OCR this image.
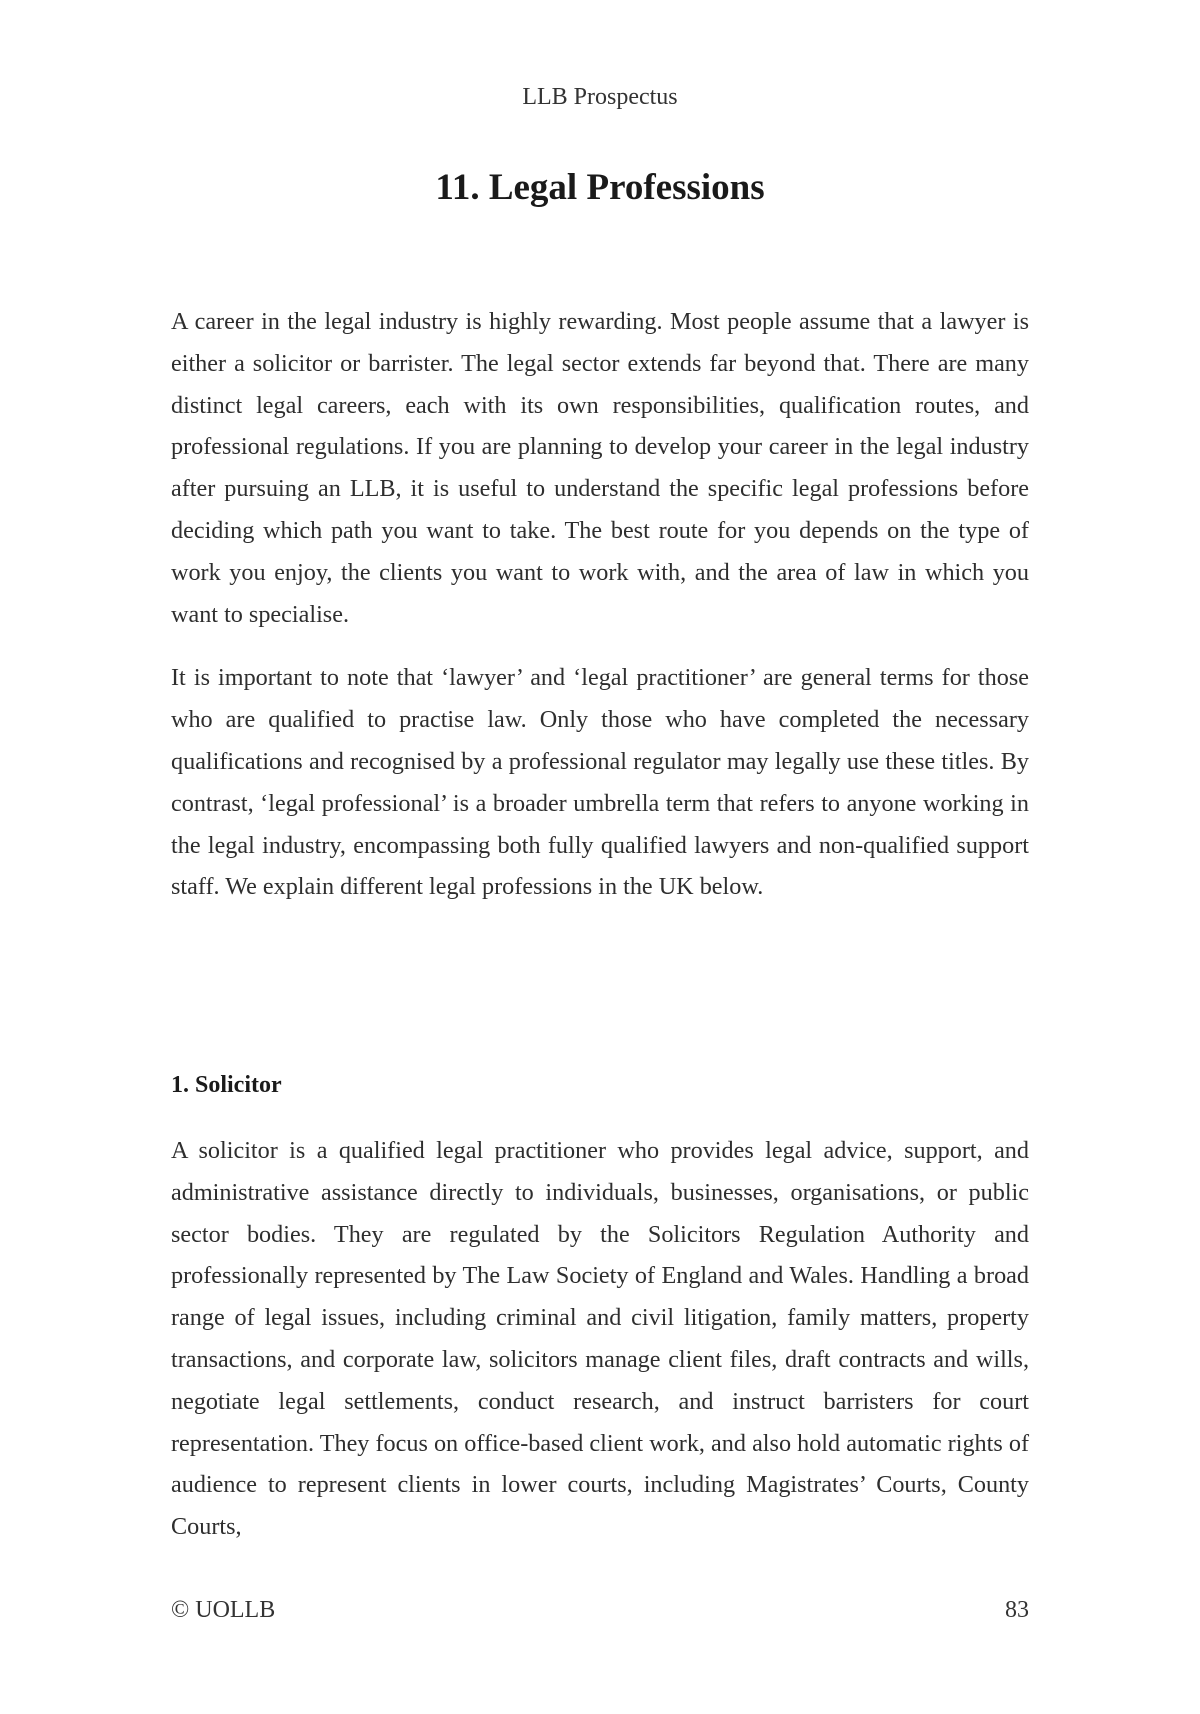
LLB Prospectus
11. Legal Professions

A career in the legal industry is highly rewarding. Most people assume that a lawyer is either a solicitor or barrister. The legal sector extends far beyond that. There are many distinct legal careers, each with its own responsibilities, qualification routes, and professional regulations. If you are planning to develop your career in the legal industry after pursuing an LLB, it is useful to understand the specific legal professions before deciding which path you want to take. The best route for you depends on the type of work you enjoy, the clients you want to work with, and the area of law in which you want to specialise.

It is important to note that ‘lawyer’ and ‘legal practitioner’ are general terms for those who are qualified to practise law. Only those who have completed the necessary qualifications and recognised by a professional regulator may legally use these titles. By contrast, ‘legal professional’ is a broader umbrella term that refers to anyone working in the legal industry, encompassing both fully qualified lawyers and non-qualified support staff. We explain different legal professions in the UK below.

1. Solicitor

A solicitor is a qualified legal practitioner who provides legal advice, support, and administrative assistance directly to individuals, businesses, organisations, or public sector bodies. They are regulated by the Solicitors Regulation Authority and professionally represented by The Law Society of England and Wales. Handling a broad range of legal issues, including criminal and civil litigation, family matters, property transactions, and corporate law, solicitors manage client files, draft contracts and wills, negotiate legal settlements, conduct research, and instruct barristers for court representation. They focus on office-based client work, and also hold automatic rights of audience to represent clients in lower courts, including Magistrates’ Courts, County Courts,

© UOLLB	83
